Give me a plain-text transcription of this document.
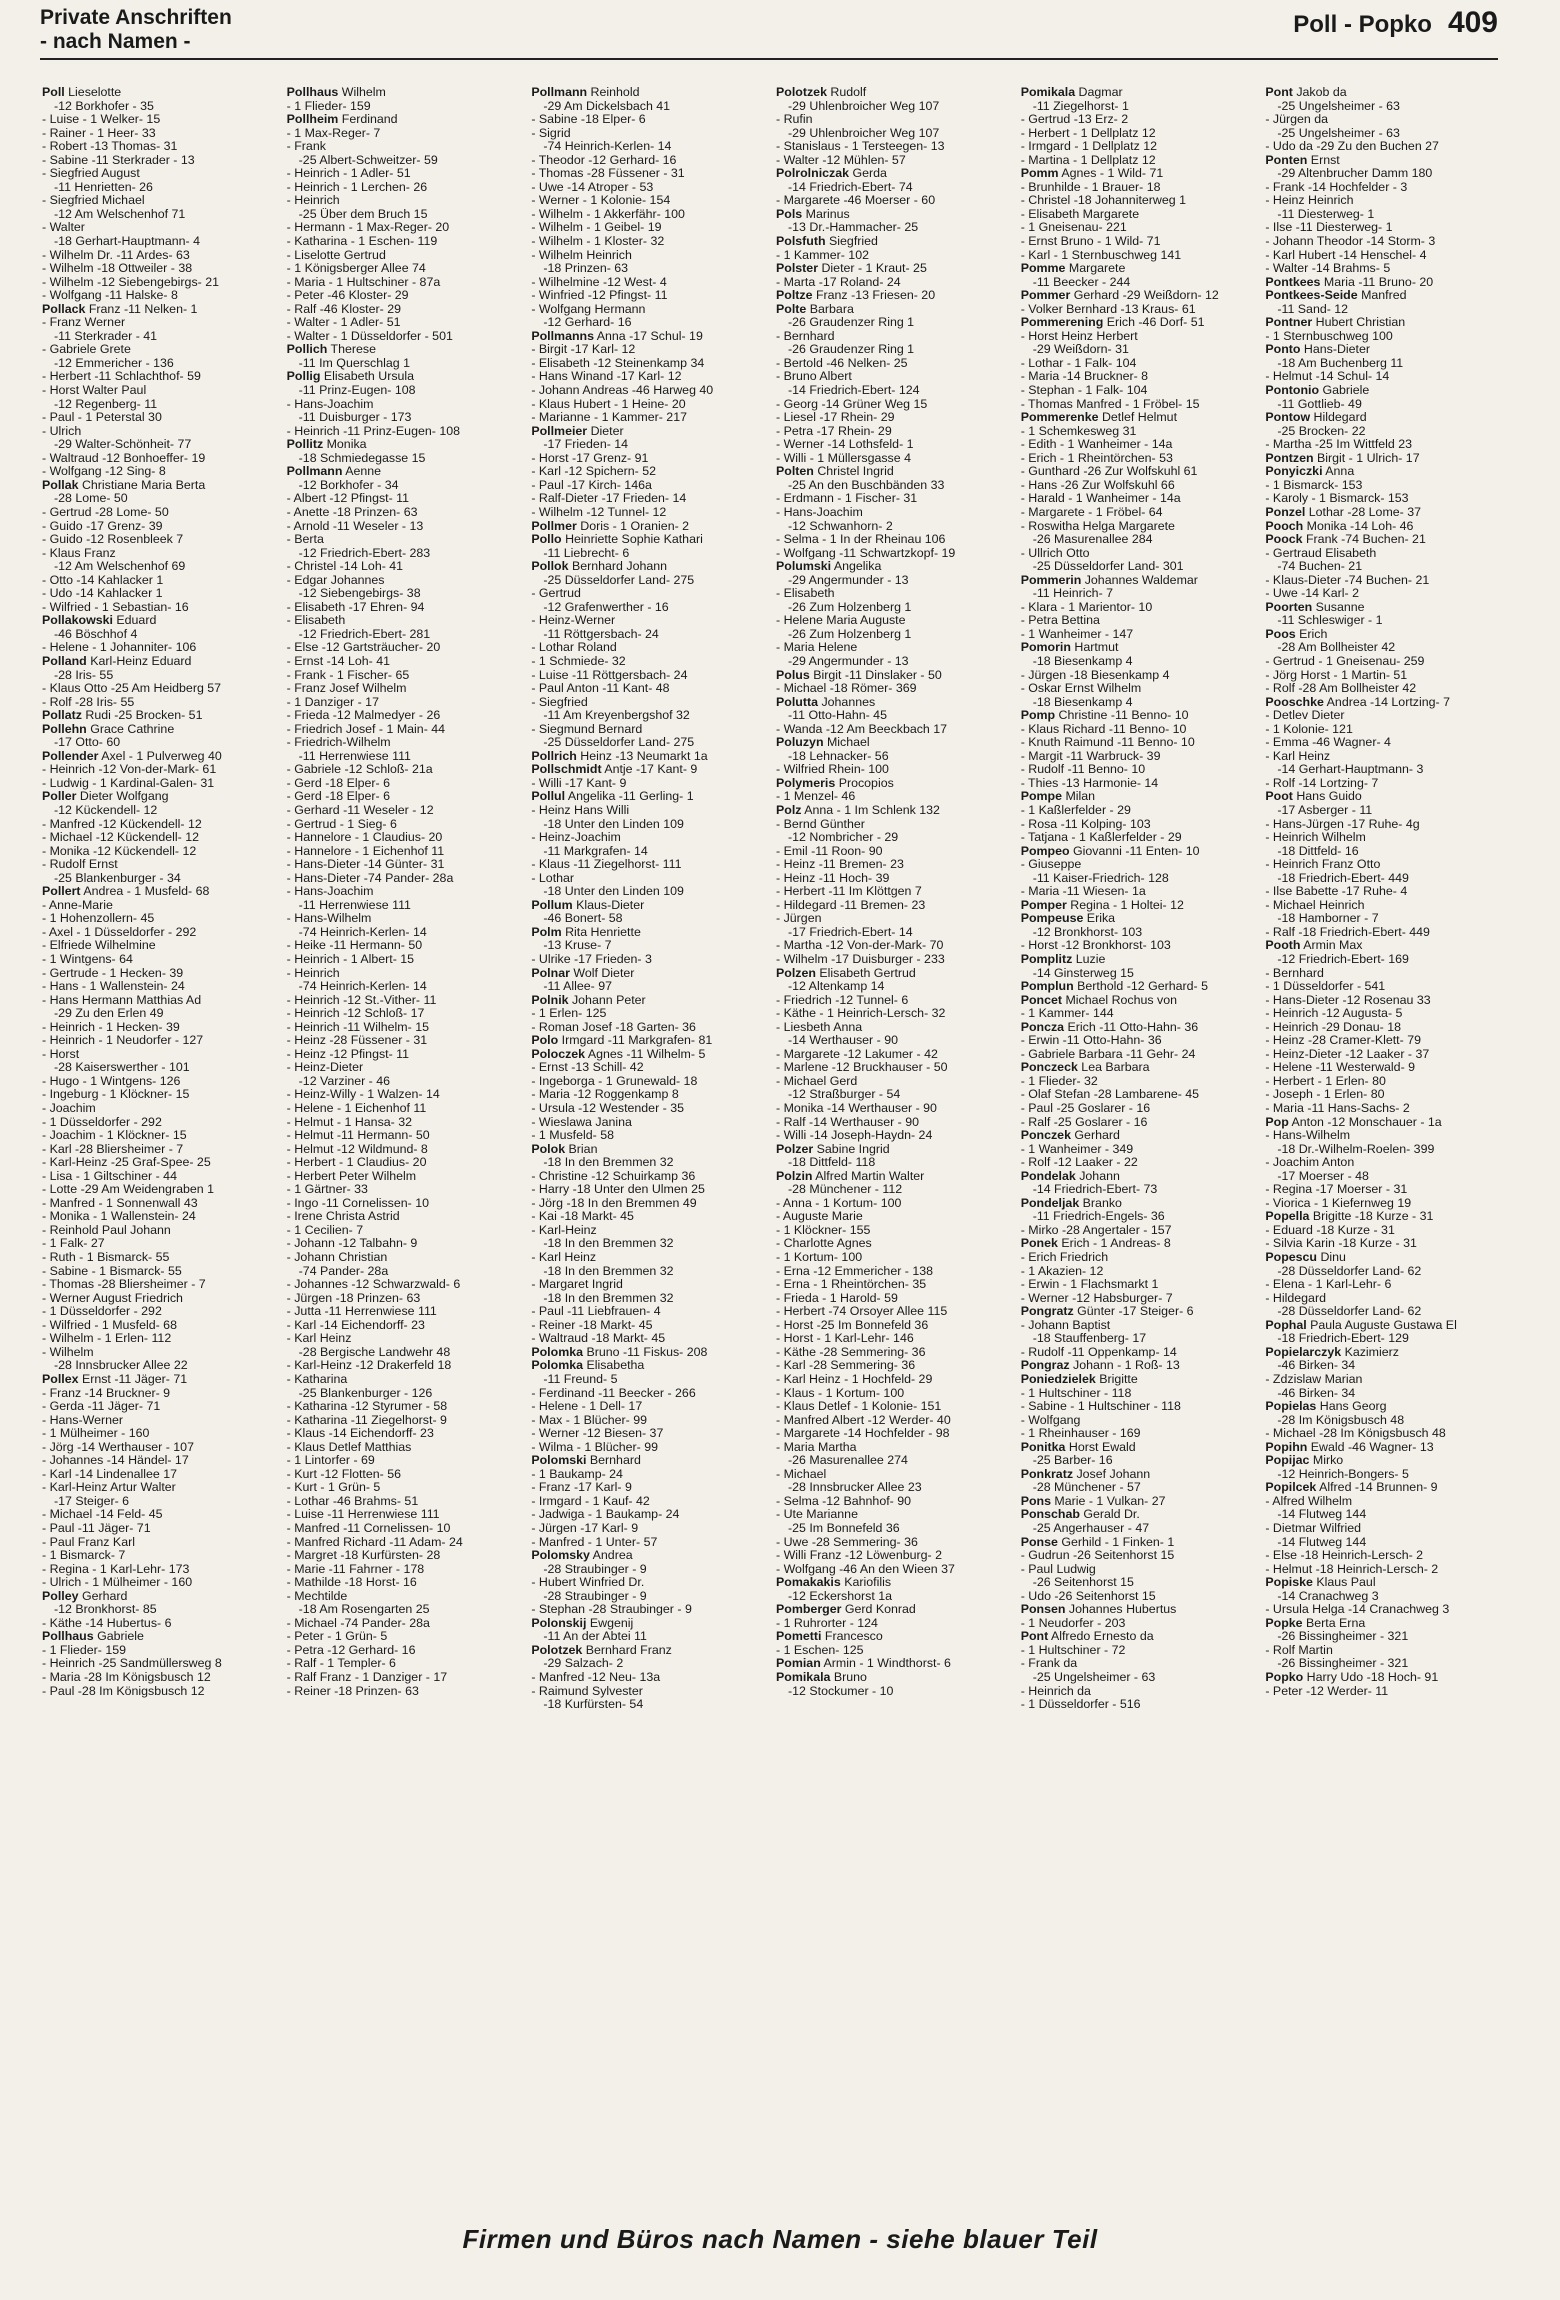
Private Anschriften
- nach Namen -
Poll - Popko 409
Poll Lieselotte
-12 Borkhofer - 35
- Luise - 1 Welker- 15
- Rainer - 1 Heer- 33
- Robert -13 Thomas- 31
- Sabine -11 Sterkrader - 13
- Siegfried August
-11 Henrietten- 26
- Siegfried Michael
-12 Am Welschenhof 71
- Walter
-18 Gerhart-Hauptmann- 4
- Wilhelm Dr. -11 Ardes- 63
- Wilhelm -18 Ottweiler - 38
- Wilhelm -12 Siebengebirgs- 21
- Wolfgang -11 Halske- 8
Pollack Franz -11 Nelken- 1
- Franz Werner
-11 Sterkrader - 41
- Gabriele Grete
-12 Emmericher - 136
- Herbert -11 Schlachthof- 59
- Horst Walter Paul
-12 Regenberg- 11
- Paul - 1 Peterstal 30
- Ulrich
-29 Walter-Schönheit- 77
- Waltraud -12 Bonhoeffer- 19
- Wolfgang -12 Sing- 8
Pollak Christiane Maria Berta
-28 Lome- 50
- Gertrud -28 Lome- 50
- Guido -17 Grenz- 39
- Guido -12 Rosenbleek 7
- Klaus Franz
-12 Am Welschenhof 69
- Otto -14 Kahlacker 1
- Udo -14 Kahlacker 1
- Wilfried - 1 Sebastian- 16
Pollakowski Eduard
-46 Böschhof 4
- Helene - 1 Johanniter- 106
Polland Karl-Heinz Eduard
-28 Iris- 55
- Klaus Otto -25 Am Heidberg 57
- Rolf -28 Iris- 55
Pollatz Rudi -25 Brocken- 51
Pollehn Grace Cathrine
-17 Otto- 60
Pollender Axel - 1 Pulverweg 40
- Heinrich -12 Von-der-Mark- 61
- Ludwig - 1 Kardinal-Galen- 31
Poller Dieter Wolfgang
-12 Kückendell- 12
- Manfred -12 Kückendell- 12
- Michael -12 Kückendell- 12
- Monika -12 Kückendell- 12
- Rudolf Ernst
-25 Blankenburger - 34
Pollert Andrea - 1 Musfeld- 68
- Anne-Marie
- 1 Hohenzollern- 45
- Axel - 1 Düsseldorfer - 292
- Elfriede Wilhelmine
- 1 Wintgens- 64
- Gertrude - 1 Hecken- 39
- Hans - 1 Wallenstein- 24
- Hans Hermann Matthias Ad
-29 Zu den Erlen 49
- Heinrich - 1 Hecken- 39
- Heinrich - 1 Neudorfer - 127
- Horst
-28 Kaiserswerther - 101
- Hugo - 1 Wintgens- 126
- Ingeburg - 1 Klöckner- 15
- Joachim
- 1 Düsseldorfer - 292
- Joachim - 1 Klöckner- 15
- Karl -28 Bliersheimer - 7
- Karl-Heinz -25 Graf-Spee- 25
- Lisa - 1 Giltschiner - 44
- Lotte -29 Am Weidengraben 1
- Manfred - 1 Sonnenwall 43
- Monika - 1 Wallenstein- 24
- Reinhold Paul Johann
- 1 Falk- 27
- Ruth - 1 Bismarck- 55
- Sabine - 1 Bismarck- 55
- Thomas -28 Bliersheimer - 7
- Werner August Friedrich
- 1 Düsseldorfer - 292
- Wilfried - 1 Musfeld- 68
- Wilhelm - 1 Erlen- 112
- Wilhelm
-28 Innsbrucker Allee 22
Pollex Ernst -11 Jäger- 71
- Franz -14 Bruckner- 9
- Gerda -11 Jäger- 71
- Hans-Werner
- 1 Mülheimer - 160
- Jörg -14 Werthauser - 107
- Johannes -14 Händel- 17
- Karl -14 Lindenallee 17
- Karl-Heinz Artur Walter
-17 Steiger- 6
- Michael -14 Feld- 45
- Paul -11 Jäger- 71
- Paul Franz Karl
- 1 Bismarck- 7
- Regina - 1 Karl-Lehr- 173
- Ulrich - 1 Mülheimer - 160
Polley Gerhard
-12 Bronkhorst- 85
- Käthe -14 Hubertus- 6
Pollhaus Gabriele
- 1 Flieder- 159
- Heinrich -25 Sandmüllersweg 8
- Maria -28 Im Königsbusch 12
- Paul -28 Im Königsbusch 12
Pollhaus Wilhelm
- 1 Flieder- 159
Pollheim Ferdinand
- 1 Max-Reger- 7
- Frank
-25 Albert-Schweitzer- 59
- Heinrich - 1 Adler- 51
- Heinrich - 1 Lerchen- 26
- Heinrich
-25 Über dem Bruch 15
- Hermann - 1 Max-Reger- 20
- Katharina - 1 Eschen- 119
- Liselotte Gertrud
- 1 Königsberger Allee 74
- Maria - 1 Hultschiner - 87a
- Peter -46 Kloster- 29
- Ralf -46 Kloster- 29
- Walter - 1 Adler- 51
- Walter - 1 Düsseldorfer - 501
Pollich Therese
-11 Im Querschlag 1
Pollig Elisabeth Ursula
-11 Prinz-Eugen- 108
- Hans-Joachim
-11 Duisburger - 173
- Heinrich -11 Prinz-Eugen- 108
Pollitz Monika
-18 Schmiedegasse 15
Pollmann Aenne
-12 Borkhofer - 34
- Albert -12 Pfingst- 11
- Anette -18 Prinzen- 63
- Arnold -11 Weseler - 13
- Berta
-12 Friedrich-Ebert- 283
- Christel -14 Loh- 41
- Edgar Johannes
-12 Siebengebirgs- 38
- Elisabeth -17 Ehren- 94
- Elisabeth
-12 Friedrich-Ebert- 281
- Else -12 Gartsträucher- 20
- Ernst -14 Loh- 41
- Frank - 1 Fischer- 65
- Franz Josef Wilhelm
- 1 Danziger - 17
- Frieda -12 Malmedyer - 26
- Friedrich Josef - 1 Main- 44
- Friedrich-Wilhelm
-11 Herrenwiese 111
- Gabriele -12 Schloß- 21a
- Gerd -18 Elper- 6
- Gerd -18 Elper- 6
- Gerhard -11 Weseler - 12
- Gertrud - 1 Sieg- 6
- Hannelore - 1 Claudius- 20
- Hannelore - 1 Eichenhof 11
- Hans-Dieter -14 Günter- 31
- Hans-Dieter -74 Pander- 28a
- Hans-Joachim
-11 Herrenwiese 111
- Hans-Wilhelm
-74 Heinrich-Kerlen- 14
- Heike -11 Hermann- 50
- Heinrich - 1 Albert- 15
- Heinrich
-74 Heinrich-Kerlen- 14
- Heinrich -12 St.-Vither- 11
- Heinrich -12 Schloß- 17
- Heinrich -11 Wilhelm- 15
- Heinz -28 Füssener - 31
- Heinz -12 Pfingst- 11
- Heinz-Dieter
-12 Varziner - 46
- Heinz-Willy - 1 Walzen- 14
- Helene - 1 Eichenhof 11
- Helmut - 1 Hansa- 32
- Helmut -11 Hermann- 50
- Helmut -12 Wildmund- 8
- Herbert - 1 Claudius- 20
- Herbert Peter Wilhelm
- 1 Gärtner- 33
- Ingo -11 Cornelissen- 10
- Irene Christa Astrid
- 1 Cecilien- 7
- Johann -12 Talbahn- 9
- Johann Christian
-74 Pander- 28a
- Johannes -12 Schwarzwald- 6
- Jürgen -18 Prinzen- 63
- Jutta -11 Herrenwiese 111
- Karl -14 Eichendorff- 23
- Karl Heinz
-28 Bergische Landwehr 48
- Karl-Heinz -12 Drakerfeld 18
- Katharina
-25 Blankenburger - 126
- Katharina -12 Styrumer - 58
- Katharina -11 Ziegelhorst- 9
- Klaus -14 Eichendorff- 23
- Klaus Detlef Matthias
- 1 Lintorfer - 69
- Kurt -12 Flotten- 56
- Kurt - 1 Grün- 5
- Lothar -46 Brahms- 51
- Luise -11 Herrenwiese 111
- Manfred -11 Cornelissen- 10
- Manfred Richard -11 Adam- 24
- Margret -18 Kurfürsten- 28
- Marie -11 Fahrner - 178
- Mathilde -18 Horst- 16
- Mechtilde
-18 Am Rosengarten 25
- Michael -74 Pander- 28a
- Peter - 1 Grün- 5
- Petra -12 Gerhard- 16
- Ralf - 1 Templer- 6
- Ralf Franz - 1 Danziger - 17
- Reiner -18 Prinzen- 63
Pollmann Reinhold
-29 Am Dickelsbach 41
- Sabine -18 Elper- 6
- Sigrid
-74 Heinrich-Kerlen- 14
- Theodor -12 Gerhard- 16
- Thomas -28 Füssener - 31
- Uwe -14 Atroper - 53
- Werner - 1 Kolonie- 154
- Wilhelm - 1 Akkerfähr- 100
- Wilhelm - 1 Geibel- 19
- Wilhelm - 1 Kloster- 32
- Wilhelm Heinrich
-18 Prinzen- 63
- Wilhelmine -12 West- 4
- Winfried -12 Pfingst- 11
- Wolfgang Hermann
-12 Gerhard- 16
Pollmanns Anna -17 Schul- 19
- Birgit -17 Karl- 12
- Elisabeth -12 Steinenkamp 34
- Hans Winand -17 Karl- 12
- Johann Andreas -46 Harweg 40
- Klaus Hubert - 1 Heine- 20
- Marianne - 1 Kammer- 217
Pollmeier Dieter
-17 Frieden- 14
- Horst -17 Grenz- 91
- Karl -12 Spichern- 52
- Paul -17 Kirch- 146a
- Ralf-Dieter -17 Frieden- 14
- Wilhelm -12 Tunnel- 12
Pollmer Doris - 1 Oranien- 2
Pollo Heinriette Sophie Kathari
-11 Liebrecht- 6
Pollok Bernhard Johann
-25 Düsseldorfer Land- 275
- Gertrud
-12 Grafenwerther - 16
- Heinz-Werner
-11 Röttgersbach- 24
- Lothar Roland
- 1 Schmiede- 32
- Luise -11 Röttgersbach- 24
- Paul Anton -11 Kant- 48
- Siegfried
-11 Am Kreyenbergshof 32
- Siegmund Bernard
-25 Düsseldorfer Land- 275
Pollrich Heinz -13 Neumarkt 1a
Pollschmidt Antje -17 Kant- 9
- Willi -17 Kant- 9
Pollul Angelika -11 Gerling- 1
- Heinz Hans Willi
-18 Unter den Linden 109
- Heinz-Joachim
-11 Markgrafen- 14
- Klaus -11 Ziegelhorst- 111
- Lothar
-18 Unter den Linden 109
Pollum Klaus-Dieter
-46 Bonert- 58
Polm Rita Henriette
-13 Kruse- 7
- Ulrike -17 Frieden- 3
Polnar Wolf Dieter
-11 Allee- 97
Polnik Johann Peter
- 1 Erlen- 125
- Roman Josef -18 Garten- 36
Polo Irmgard -11 Markgrafen- 81
Poloczek Agnes -11 Wilhelm- 5
- Ernst -13 Schill- 42
- Ingeborga - 1 Grunewald- 18
- Maria -12 Roggenkamp 8
- Ursula -12 Westender - 35
- Wieslawa Janina
- 1 Musfeld- 58
Polok Brian
-18 In den Bremmen 32
- Christine -12 Schuirkamp 36
- Harry -18 Unter den Ulmen 25
- Jörg -18 In den Bremmen 49
- Kai -18 Markt- 45
- Karl-Heinz
-18 In den Bremmen 32
- Karl Heinz
-18 In den Bremmen 32
- Margaret Ingrid
-18 In den Bremmen 32
- Paul -11 Liebfrauen- 4
- Reiner -18 Markt- 45
- Waltraud -18 Markt- 45
Polomka Bruno -11 Fiskus- 208
Polomka Elisabetha
-11 Freund- 5
- Ferdinand -11 Beecker - 266
- Helene - 1 Dell- 17
- Max - 1 Blücher- 99
- Werner -12 Biesen- 37
- Wilma - 1 Blücher- 99
Polomski Bernhard
- 1 Baukamp- 24
- Franz -17 Karl- 9
- Irmgard - 1 Kauf- 42
- Jadwiga - 1 Baukamp- 24
- Jürgen -17 Karl- 9
- Manfred - 1 Unter- 57
Polomsky Andrea
-28 Straubinger - 9
- Hubert Winfried Dr.
-28 Straubinger - 9
- Stephan -28 Straubinger - 9
Polonskij Ewgenij
-11 An der Abtei 11
Polotzek Bernhard Franz
-29 Salzach- 2
- Manfred -12 Neu- 13a
- Raimund Sylvester
-18 Kurfürsten- 54
Polotzek Rudolf
-29 Uhlenbroicher Weg 107
- Rufin
-29 Uhlenbroicher Weg 107
- Stanislaus - 1 Tersteegen- 13
- Walter -12 Mühlen- 57
Polrolniczak Gerda
-14 Friedrich-Ebert- 74
- Margarete -46 Moerser - 60
Pols Marinus
-13 Dr.-Hammacher- 25
Polsfuth Siegfried
- 1 Kammer- 102
Polster Dieter - 1 Kraut- 25
- Marta -17 Roland- 24
Poltze Franz -13 Friesen- 20
Polte Barbara
-26 Graudenzer Ring 1
- Bernhard
-26 Graudenzer Ring 1
- Bertold -46 Nelken- 25
- Bruno Albert
-14 Friedrich-Ebert- 124
- Georg -14 Grüner Weg 15
- Liesel -17 Rhein- 29
- Petra -17 Rhein- 29
- Werner -14 Lothsfeld- 1
- Willi - 1 Müllersgasse 4
Polten Christel Ingrid
-25 An den Buschbänden 33
- Erdmann - 1 Fischer- 31
- Hans-Joachim
-12 Schwanhorn- 2
- Selma - 1 In der Rheinau 106
- Wolfgang -11 Schwartzkopf- 19
Polumski Angelika
-29 Angermunder - 13
- Elisabeth
-26 Zum Holzenberg 1
- Helene Maria Auguste
-26 Zum Holzenberg 1
- Maria Helene
-29 Angermunder - 13
Polus Birgit -11 Dinslaker - 50
- Michael -18 Römer- 369
Polutta Johannes
-11 Otto-Hahn- 45
- Wanda -12 Am Beeckbach 17
Poluzyn Michael
-18 Lehnacker- 56
- Wilfried Rhein- 100
Polymeris Procopios
- 1 Menzel- 46
Polz Anna - 1 Im Schlenk 132
- Bernd Günther
-12 Nombricher - 29
- Emil -11 Roon- 90
- Heinz -11 Bremen- 23
- Heinz -11 Hoch- 39
- Herbert -11 Im Klöttgen 7
- Hildegard -11 Bremen- 23
- Jürgen
-17 Friedrich-Ebert- 14
- Martha -12 Von-der-Mark- 70
- Wilhelm -17 Duisburger - 233
Polzen Elisabeth Gertrud
-12 Altenkamp 14
- Friedrich -12 Tunnel- 6
- Käthe - 1 Heinrich-Lersch- 32
- Liesbeth Anna
-14 Werthauser - 90
- Margarete -12 Lakumer - 42
- Marlene -12 Bruckhauser - 50
- Michael Gerd
-12 Straßburger - 54
- Monika -14 Werthauser - 90
- Ralf -14 Werthauser - 90
- Willi -14 Joseph-Haydn- 24
Polzer Sabine Ingrid
-18 Dittfeld- 118
Polzin Alfred Martin Walter
-28 Münchener - 112
- Anna - 1 Kortum- 100
- Auguste Marie
- 1 Klöckner- 155
- Charlotte Agnes
- 1 Kortum- 100
- Erna -12 Emmericher - 138
- Erna - 1 Rheintörchen- 35
- Frieda - 1 Harold- 59
- Herbert -74 Orsoyer Allee 115
- Horst -25 Im Bonnefeld 36
- Horst - 1 Karl-Lehr- 146
- Käthe -28 Semmering- 36
- Karl -28 Semmering- 36
- Karl Heinz - 1 Hochfeld- 29
- Klaus - 1 Kortum- 100
- Klaus Detlef - 1 Kolonie- 151
- Manfred Albert -12 Werder- 40
- Margarete -14 Hochfelder - 98
- Maria Martha
-26 Masurenallee 274
- Michael
-28 Innsbrucker Allee 23
- Selma -12 Bahnhof- 90
- Ute Marianne
-25 Im Bonnefeld 36
- Uwe -28 Semmering- 36
- Willi Franz -12 Löwenburg- 2
- Wolfgang -46 An den Wieen 37
Pomakakis Kariofilis
-12 Eckershorst 1a
Pomberger Gerd Konrad
- 1 Ruhrorter - 124
Pometti Francesco
- 1 Eschen- 125
Pomian Armin - 1 Windthorst- 6
Pomikala Bruno
-12 Stockumer - 10
Pomikala Dagmar
-11 Ziegelhorst- 1
- Gertrud -13 Erz- 2
- Herbert - 1 Dellplatz 12
- Irmgard - 1 Dellplatz 12
- Martina - 1 Dellplatz 12
Pomm Agnes - 1 Wild- 71
- Brunhilde - 1 Brauer- 18
- Christel -18 Johanniterweg 1
- Elisabeth Margarete
- 1 Gneisenau- 221
- Ernst Bruno - 1 Wild- 71
- Karl - 1 Sternbuschweg 141
Pomme Margarete
-11 Beecker - 244
Pommer Gerhard -29 Weißdorn- 12
- Volker Bernhard -13 Kraus- 61
Pommerening Erich -46 Dorf- 51
- Horst Heinz Herbert
-29 Weißdorn- 31
- Lothar - 1 Falk- 104
- Maria -14 Bruckner- 8
- Stephan - 1 Falk- 104
- Thomas Manfred - 1 Fröbel- 15
Pommerenke Detlef Helmut
- 1 Schemkesweg 31
- Edith - 1 Wanheimer - 14a
- Erich - 1 Rheintörchen- 53
- Gunthard -26 Zur Wolfskuhl 61
- Hans -26 Zur Wolfskuhl 66
- Harald - 1 Wanheimer - 14a
- Margarete - 1 Fröbel- 64
- Roswitha Helga Margarete
-26 Masurenallee 284
- Ullrich Otto
-25 Düsseldorfer Land- 301
Pommerin Johannes Waldemar
-11 Heinrich- 7
- Klara - 1 Marientor- 10
- Petra Bettina
- 1 Wanheimer - 147
Pomorin Hartmut
-18 Biesenkamp 4
- Jürgen -18 Biesenkamp 4
- Oskar Ernst Wilhelm
-18 Biesenkamp 4
Pomp Christine -11 Benno- 10
- Klaus Richard -11 Benno- 10
- Knuth Raimund -11 Benno- 10
- Margit -11 Warbruck- 39
- Rudolf -11 Benno- 10
- Thies -13 Harmonie- 14
Pompe Milan
- 1 Kaßlerfelder - 29
- Rosa -11 Kolping- 103
- Tatjana - 1 Kaßlerfelder - 29
Pompeo Giovanni -11 Enten- 10
- Giuseppe
-11 Kaiser-Friedrich- 128
- Maria -11 Wiesen- 1a
Pomper Regina - 1 Holtei- 12
Pompeuse Erika
-12 Bronkhorst- 103
- Horst -12 Bronkhorst- 103
Pomplitz Luzie
-14 Ginsterweg 15
Pomplun Berthold -12 Gerhard- 5
Poncet Michael Rochus von
- 1 Kammer- 144
Poncza Erich -11 Otto-Hahn- 36
- Erwin -11 Otto-Hahn- 36
- Gabriele Barbara -11 Gehr- 24
Ponczeck Lea Barbara
- 1 Flieder- 32
- Olaf Stefan -28 Lambarene- 45
- Paul -25 Goslarer - 16
- Ralf -25 Goslarer - 16
Ponczek Gerhard
- 1 Wanheimer - 349
- Rolf -12 Laaker - 22
Pondelak Johann
-14 Friedrich-Ebert- 73
Pondeljak Branko
-11 Friedrich-Engels- 36
- Mirko -28 Angertaler - 157
Ponek Erich - 1 Andreas- 8
- Erich Friedrich
- 1 Akazien- 12
- Erwin - 1 Flachsmarkt 1
- Werner -12 Habsburger- 7
Pongratz Günter -17 Steiger- 6
- Johann Baptist
-18 Stauffenberg- 17
- Rudolf -11 Oppenkamp- 14
Pongraz Johann - 1 Roß- 13
Poniedzielek Brigitte
- 1 Hultschiner - 118
- Sabine - 1 Hultschiner - 118
- Wolfgang
- 1 Rheinhauser - 169
Ponitka Horst Ewald
-25 Barber- 16
Ponkratz Josef Johann
-28 Münchener - 57
Pons Marie - 1 Vulkan- 27
Ponschab Gerald Dr.
-25 Angerhauser - 47
Ponse Gerhild - 1 Finken- 1
- Gudrun -26 Seitenhorst 15
- Paul Ludwig
-26 Seitenhorst 15
- Udo -26 Seitenhorst 15
Ponsen Johannes Hubertus
- 1 Neudorfer - 203
Pont Alfredo Ernesto da
- 1 Hultschiner - 72
- Frank da
-25 Ungelsheimer - 63
- Heinrich da
- 1 Düsseldorfer - 516
Pont Jakob da
-25 Ungelsheimer - 63
- Jürgen da
-25 Ungelsheimer - 63
- Udo da -29 Zu den Buchen 27
Ponten Ernst
-29 Altenbrucher Damm 180
- Frank -14 Hochfelder - 3
- Heinz Heinrich
-11 Diesterweg- 1
- Ilse -11 Diesterweg- 1
- Johann Theodor -14 Storm- 3
- Karl Hubert -14 Henschel- 4
- Walter -14 Brahms- 5
Pontkees Maria -11 Bruno- 20
Pontkees-Seide Manfred
-11 Sand- 12
Pontner Hubert Christian
- 1 Sternbuschweg 100
Ponto Hans-Dieter
-18 Am Buchenberg 11
- Helmut -14 Schul- 14
Pontonio Gabriele
-11 Gottlieb- 49
Pontow Hildegard
-25 Brocken- 22
- Martha -25 Im Wittfeld 23
Pontzen Birgit - 1 Ulrich- 17
Ponyiczki Anna
- 1 Bismarck- 153
- Karoly - 1 Bismarck- 153
Ponzel Lothar -28 Lome- 37
Pooch Monika -14 Loh- 46
Poock Frank -74 Buchen- 21
- Gertraud Elisabeth
-74 Buchen- 21
- Klaus-Dieter -74 Buchen- 21
- Uwe -14 Karl- 2
Poorten Susanne
-11 Schleswiger - 1
Poos Erich
-28 Am Bollheister 42
- Gertrud - 1 Gneisenau- 259
- Jörg Horst - 1 Martin- 51
- Rolf -28 Am Bollheister 42
Pooschke Andrea -14 Lortzing- 7
- Detlev Dieter
- 1 Kolonie- 121
- Emma -46 Wagner- 4
- Karl Heinz
-14 Gerhart-Hauptmann- 3
- Rolf -14 Lortzing- 7
Poot Hans Guido
-17 Asberger - 11
- Hans-Jürgen -17 Ruhe- 4g
- Heinrich Wilhelm
-18 Dittfeld- 16
- Heinrich Franz Otto
-18 Friedrich-Ebert- 449
- Ilse Babette -17 Ruhe- 4
- Michael Heinrich
-18 Hamborner - 7
- Ralf -18 Friedrich-Ebert- 449
Pooth Armin Max
-12 Friedrich-Ebert- 169
- Bernhard
- 1 Düsseldorfer - 541
- Hans-Dieter -12 Rosenau 33
- Heinrich -12 Augusta- 5
- Heinrich -29 Donau- 18
- Heinz -28 Cramer-Klett- 79
- Heinz-Dieter -12 Laaker - 37
- Helene -11 Westerwald- 9
- Herbert - 1 Erlen- 80
- Joseph - 1 Erlen- 80
- Maria -11 Hans-Sachs- 2
Pop Anton -12 Monschauer - 1a
- Hans-Wilhelm
-18 Dr.-Wilhelm-Roelen- 399
- Joachim Anton
-17 Moerser - 48
- Regina -17 Moerser - 31
- Viorica - 1 Kiefernweg 19
Popella Brigitte -18 Kurze - 31
- Eduard -18 Kurze - 31
- Silvia Karin -18 Kurze - 31
Popescu Dinu
-28 Düsseldorfer Land- 62
- Elena - 1 Karl-Lehr- 6
- Hildegard
-28 Düsseldorfer Land- 62
Pophal Paula Auguste Gustawa El
-18 Friedrich-Ebert- 129
Popielarczyk Kazimierz
-46 Birken- 34
- Zdzislaw Marian
-46 Birken- 34
Popielas Hans Georg
-28 Im Königsbusch 48
- Michael -28 Im Königsbusch 48
Popihn Ewald -46 Wagner- 13
Popijac Mirko
-12 Heinrich-Bongers- 5
Popilcek Alfred -14 Brunnen- 9
- Alfred Wilhelm
-14 Flutweg 144
- Dietmar Wilfried
-14 Flutweg 144
- Else -18 Heinrich-Lersch- 2
- Helmut -18 Heinrich-Lersch- 2
Popiske Klaus Paul
-14 Cranachweg 3
- Ursula Helga -14 Cranachweg 3
Popke Berta Erna
-26 Bissingheimer - 321
- Rolf Martin
-26 Bissingheimer - 321
Popko Harry Udo -18 Hoch- 91
- Peter -12 Werder- 11
Firmen und Büros nach Namen - siehe blauer Teil
